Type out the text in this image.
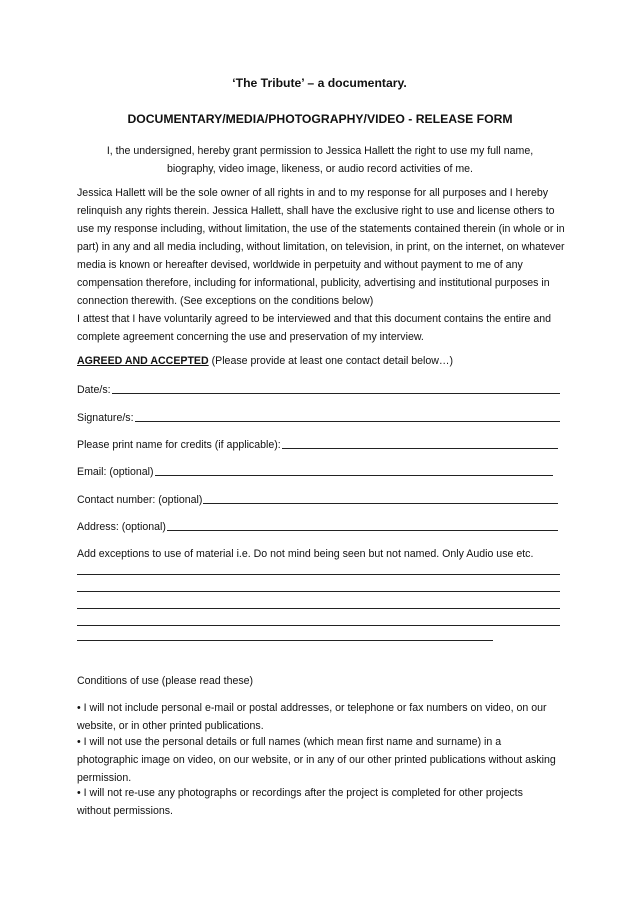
‘The Tribute’ – a documentary.
DOCUMENTARY/MEDIA/PHOTOGRAPHY/VIDEO - RELEASE FORM
I, the undersigned, hereby grant permission to Jessica Hallett the right to use my full name, biography, video image, likeness, or audio record activities of me.
Jessica Hallett will be the sole owner of all rights in and to my response for all purposes and I hereby relinquish any rights therein. Jessica Hallett, shall have the exclusive right to use and license others to use my response including, without limitation, the use of the statements contained therein (in whole or in part) in any and all media including, without limitation, on television, in print, on the internet, on whatever media is known or hereafter devised, worldwide in perpetuity and without payment to me of any compensation therefore, including for informational, publicity, advertising and institutional purposes in connection therewith. (See exceptions on the conditions below)
I attest that I have voluntarily agreed to be interviewed and that this document contains the entire and complete agreement concerning the use and preservation of my interview.
AGREED AND ACCEPTED (Please provide at least one contact detail below…)
Date/s:
Signature/s:
Please print name for credits (if applicable):
Email: (optional)
Contact number: (optional)
Address: (optional)
Add exceptions to use of material i.e. Do not mind being seen but not named. Only Audio use etc.
Conditions of use (please read these)
• I will not include personal e-mail or postal addresses, or telephone or fax numbers on video, on our website, or in other printed publications.
• I will not use the personal details or full names (which mean first name and surname) in a photographic image on video, on our website, or in any of our other printed publications without asking permission.
• I will not re-use any photographs or recordings after the project is completed for other projects without permissions.
